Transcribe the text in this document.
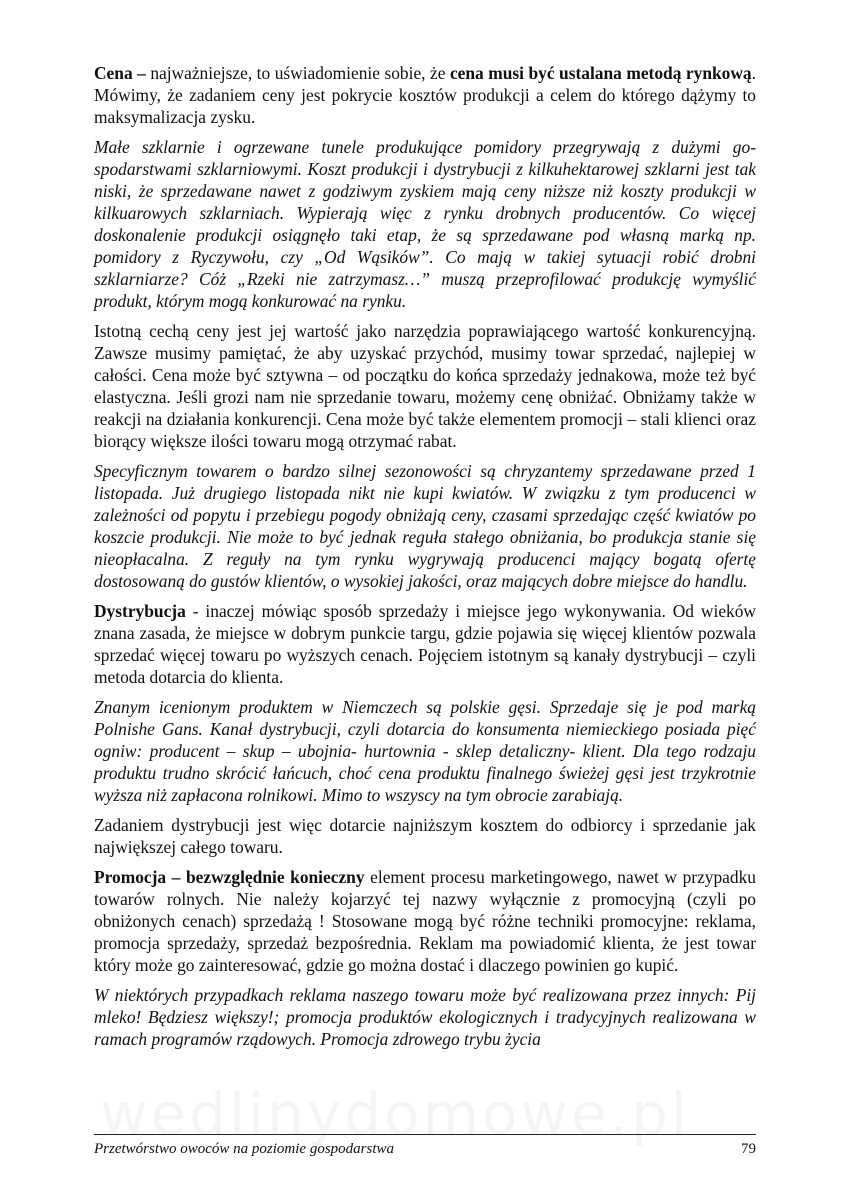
Cena – najważniejsze, to uświadomienie sobie, że cena musi być ustalana metodą rynkową. Mówimy, że zadaniem ceny jest pokrycie kosztów produkcji a celem do którego dążymy to maksymalizacja zysku.

Małe szklarnie i ogrzewane tunele produkujące pomidory przegrywają z dużymi gospodarstwami szklarniowymi. Koszt produkcji i dystrybucji z kilkuhektarowej szklarni jest tak niski, że sprzedawane nawet z godziwym zyskiem mają ceny niższe niż koszty produkcji w kilkuarowych szklarniach. Wypierają więc z rynku drobnych producentów. Co więcej doskonalenie produkcji osiągnęło taki etap, że są sprzedawane pod własną marką np. pomidory z Ryczywołu, czy „Od Wąsików”. Co mają w takiej sytuacji robić drobni szklarniarze? Cóż „Rzeki nie zatrzymasz…” muszą przeprofilować produkcję wymyślić produkt, którym mogą konkurować na rynku.

Istotną cechą ceny jest jej wartość jako narzędzia poprawiającego wartość konkurencyjną. Zawsze musimy pamiętać, że aby uzyskać przychód, musimy towar sprzedać, najlepiej w całości. Cena może być sztywna – od początku do końca sprzedaży jednakowa, może też być elastyczna. Jeśli grozi nam nie sprzedanie towaru, możemy cenę obniżać. Obniżamy także w reakcji na działania konkurencji. Cena może być także elementem promocji – stali klienci oraz biorący większe ilości towaru mogą otrzymać rabat.

Specyficznym towarem o bardzo silnej sezonowości są chryzantemy sprzedawane przed 1 listopada. Już drugiego listopada nikt nie kupi kwiatów. W związku z tym producenci w zależności od popytu i przebiegu pogody obniżają ceny, czasami sprzedając część kwiatów po koszcie produkcji. Nie może to być jednak reguła stałego obniżania, bo produkcja stanie się nieopłacalna. Z reguły na tym rynku wygrywają producenci mający bogatą ofertę dostosowaną do gustów klientów, o wysokiej jakości, oraz mających dobre miejsce do handlu.

Dystrybucja - inaczej mówiąc sposób sprzedaży i miejsce jego wykonywania. Od wieków znana zasada, że miejsce w dobrym punkcie targu, gdzie pojawia się więcej klientów pozwala sprzedać więcej towaru po wyższych cenach. Pojęciem istotnym są kanały dystrybucji – czyli metoda dotarcia do klienta.

Znanym icenionym produktem w Niemczech są polskie gęsi. Sprzedaje się je pod marką Polnishe Gans. Kanał dystrybucji, czyli dotarcia do konsumenta niemieckiego posiada pięć ogniw: producent – skup – ubojnia- hurtownia - sklep detaliczny- klient. Dla tego rodzaju produktu trudno skrócić łańcuch, choć cena produktu finalnego świeżej gęsi jest trzykrotnie wyższa niż zapłacona rolnikowi. Mimo to wszyscy na tym obrocie zarabiają.

Zadaniem dystrybucji jest więc dotarcie najniższym kosztem do odbiorcy i sprzedanie jak największej całego towaru.

Promocja – bezwzględnie konieczny element procesu marketingowego, nawet w przypadku towarów rolnych. Nie należy kojarzyć tej nazwy wyłącznie z promocyjną (czyli po obniżonych cenach) sprzedażą ! Stosowane mogą być różne techniki promocyjne: reklama, promocja sprzedaży, sprzedaż bezpośrednia. Reklam ma powiadomić klienta, że jest towar który może go zainteresować, gdzie go można dostać i dlaczego powinien go kupić.

W niektórych przypadkach reklama naszego towaru może być realizowana przez innych: Pij mleko! Będziesz większy!; promocja produktów ekologicznych i tradycyjnych realizowana w ramach programów rządowych. Promocja zdrowego trybu życia

Przetwórstwo owoców na poziomie gospodarstwa	79
